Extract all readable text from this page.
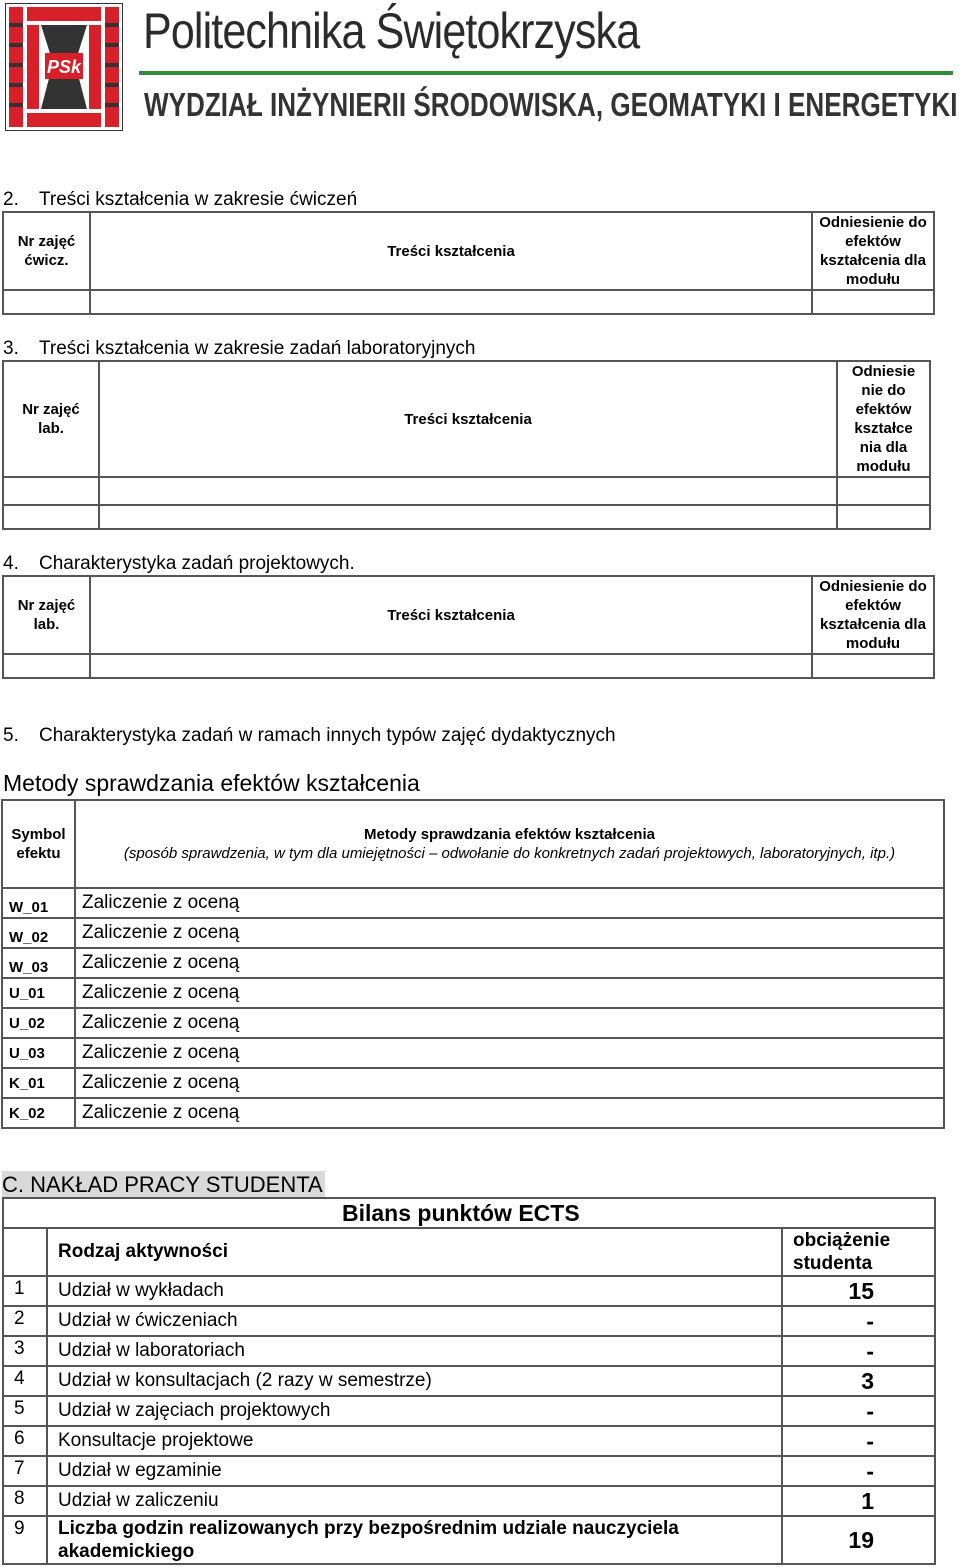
PSk
Politechnika Świętokrzyska
WYDZIAŁ INŻYNIERII ŚRODOWISKA, GEOMATYKI I ENERGETYKI
2. Treści kształcenia w zakresie ćwiczeń
Nr zajęć ćwicz.	Treści kształcenia	Odniesienie do efektów kształcenia dla modułu

3. Treści kształcenia w zakresie zadań laboratoryjnych
Nr zajęć lab.	Treści kształcenia	Odniesie nie do efektów kształce nia dla modułu

4. Charakterystyka zadań projektowych.
Nr zajęć lab.	Treści kształcenia	Odniesienie do efektów kształcenia dla modułu

5. Charakterystyka zadań w ramach innych typów zajęć dydaktycznych
Metody sprawdzania efektów kształcenia
Symbol efektu	Metody sprawdzania efektów kształcenia
(sposób sprawdzenia, w tym dla umiejętności – odwołanie do konkretnych zadań projektowych, laboratoryjnych, itp.)

W_01	Zaliczenie z oceną
W_02	Zaliczenie z oceną
W_03	Zaliczenie z oceną
U_01	Zaliczenie z oceną
U_02	Zaliczenie z oceną
U_03	Zaliczenie z oceną
K_01	Zaliczenie z oceną
K_02	Zaliczenie z oceną
C. NAKŁAD PRACY STUDENTA
Bilans punktów ECTS		
	Rodzaj aktywności	obciążenie studenta
1	Udział w wykładach	15
2	Udział w ćwiczeniach	-
3	Udział w laboratoriach	-
4	Udział w konsultacjach (2 razy w semestrze)	3
5	Udział w zajęciach projektowych	-
6	Konsultacje projektowe	-
7	Udział w egzaminie	-
8	Udział w zaliczeniu	1
9	Liczba godzin realizowanych przy bezpośrednim udziale nauczyciela akademickiego	19
